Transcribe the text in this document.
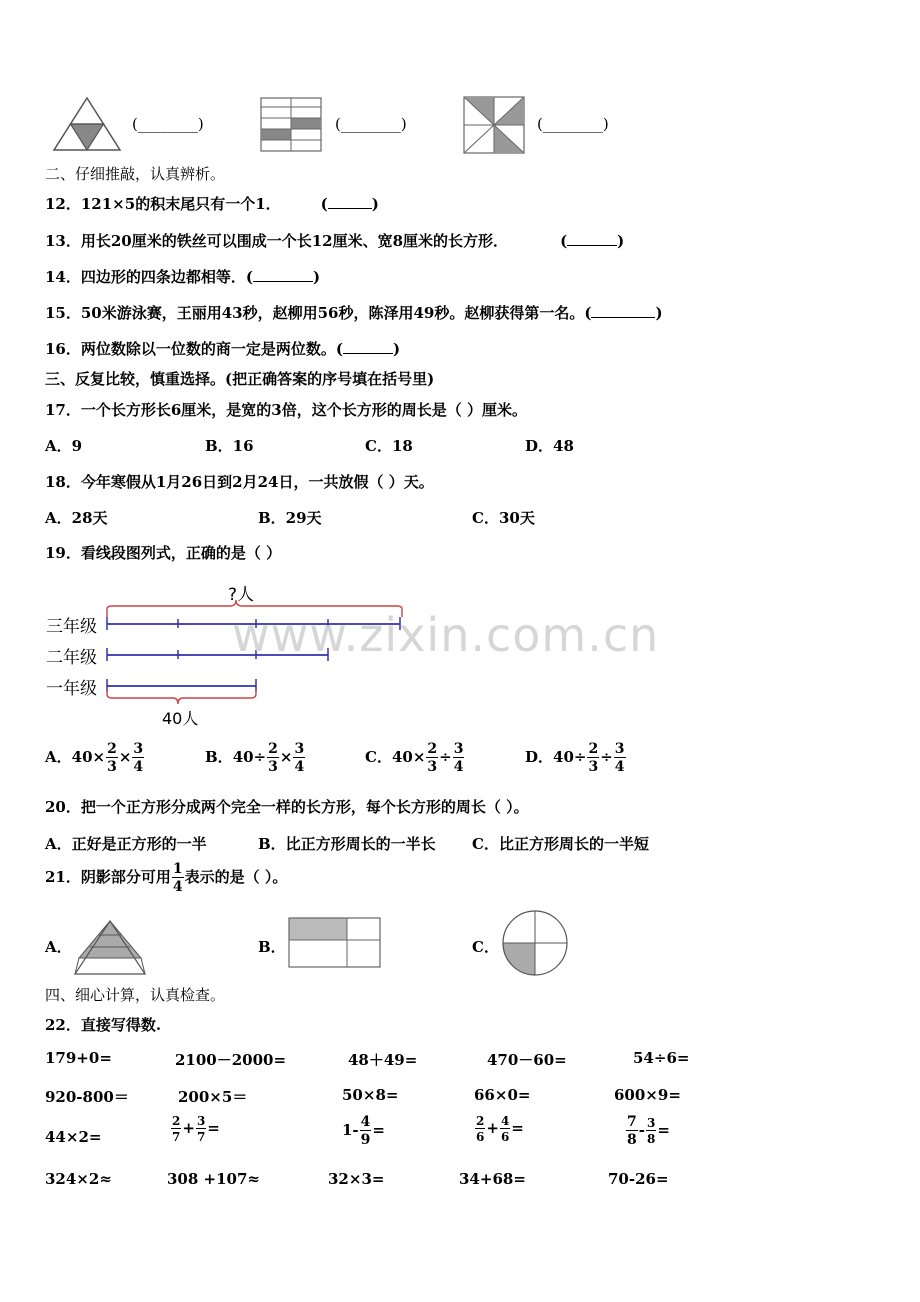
(________)	(________)	(________)
二、仔细推敲，认真辨析。
12．121×5的积末尾只有一个1．	(	)
13．用长20厘米的铁丝可以围成一个长12厘米、宽8厘米的长方形．	(	)
14．四边形的四条边都相等．(	)
15．50米游泳赛，王丽用43秒，赵柳用56秒，陈泽用49秒。赵柳获得第一名。(	)
16．两位数除以一位数的商一定是两位数。(	)
三、反复比较，慎重选择。(把正确答案的序号填在括号里)
17．一个长方形长6厘米，是宽的3倍，这个长方形的周长是（ ）厘米。
A．9	B．16	C．18	D．48
18．今年寒假从1月26日到2月24日，一共放假（ ）天。
A．28天	B．29天	C．30天
19．看线段图列式，正确的是（ ）
?人
三年级
二年级
一年级
40人
www.zixin.com.cn
A．$40\times \frac{2}{3} \times \frac{3}{4}$	B．$40\div \frac{2}{3} \times \frac{3}{4}$	C．$40\times \frac{2}{3} \div \frac{3}{4}$	D．$40\div \frac{2}{3} \div \frac{3}{4}$
20．把一个正方形分成两个完全一样的长方形，每个长方形的周长（ ）。
A．正好是正方形的一半	B．比正方形周长的一半长 C．比正方形周长的一半短
21．阴影部分可用 $\frac{1}{4}$ 表示的是（ ）。
A．	B．	C．
四、细心计算，认真检查。
22．直接写得数.
179+0=	2100－2000=	48＋49=	470－60=	54÷6=
920-800＝	200×5＝	50×8=	66×0=	600×9=
44×2=	$\frac{2}{7} + \frac{3}{7}$ =	$1- \frac{4}{9}$ =	$\frac{2}{6} + \frac{4}{6}$ =	$\frac{7}{8} - \frac{3}{8}$ =
324×2≈	308 +107≈	32×3=	34+68=	70-26=
